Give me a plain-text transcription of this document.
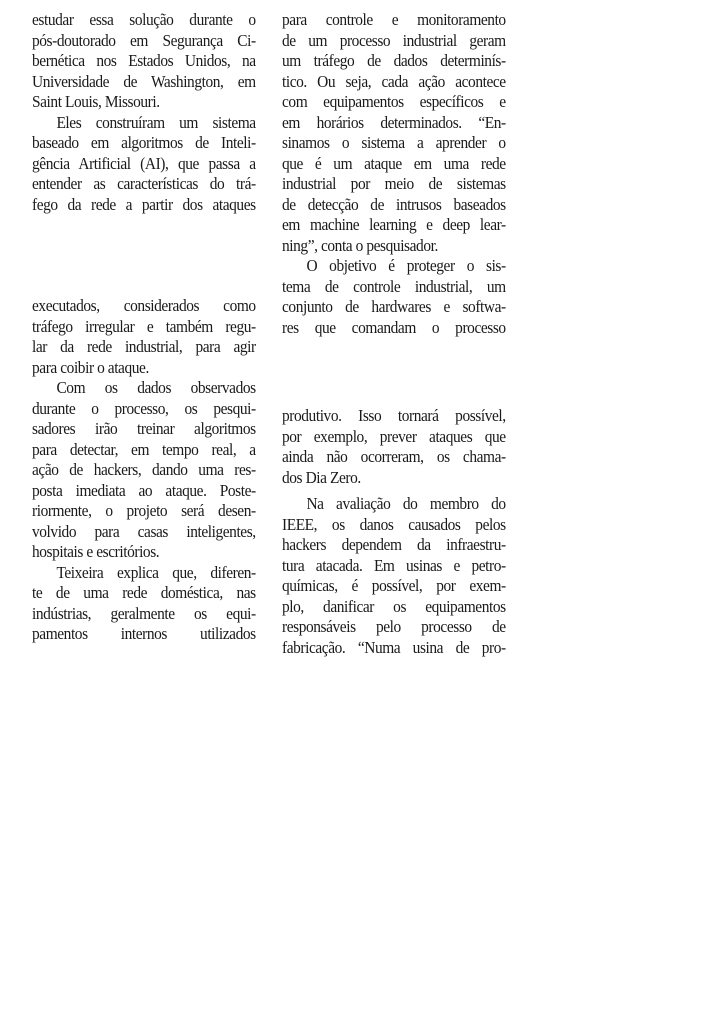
estudar essa solução durante o
pós-doutorado em Segurança Ci-
bernética nos Estados Unidos, na
Universidade de Washington, em
Saint Louis, Missouri.
Eles construíram um sistema
baseado em algoritmos de Inteli-
gência Artificial (AI), que passa a
entender as características do trá-
fego da rede a partir dos ataques
executados, considerados como
tráfego irregular e também regu-
lar da rede industrial, para agir
para coibir o ataque.
Com os dados observados
durante o processo, os pesqui-
sadores irão treinar algoritmos
para detectar, em tempo real, a
ação de hackers, dando uma res-
posta imediata ao ataque. Poste-
riormente, o projeto será desen-
volvido para casas inteligentes,
hospitais e escritórios.
Teixeira explica que, diferen-
te de uma rede doméstica, nas
indústrias, geralmente os equi-
pamentos internos utilizados
para controle e monitoramento
de um processo industrial geram
um tráfego de dados determinís-
tico. Ou seja, cada ação acontece
com equipamentos específicos e
em horários determinados. “En-
sinamos o sistema a aprender o
que é um ataque em uma rede
industrial por meio de sistemas
de detecção de intrusos baseados
em machine learning e deep lear-
ning”, conta o pesquisador.
O objetivo é proteger o sis-
tema de controle industrial, um
conjunto de hardwares e softwa-
res que comandam o processo
produtivo. Isso tornará possível,
por exemplo, prever ataques que
ainda não ocorreram, os chama-
dos Dia Zero.
Na avaliação do membro do
IEEE, os danos causados pelos
hackers dependem da infraestru-
tura atacada. Em usinas e petro-
químicas, é possível, por exem-
plo, danificar os equipamentos
responsáveis pelo processo de
fabricação. “Numa usina de pro-
